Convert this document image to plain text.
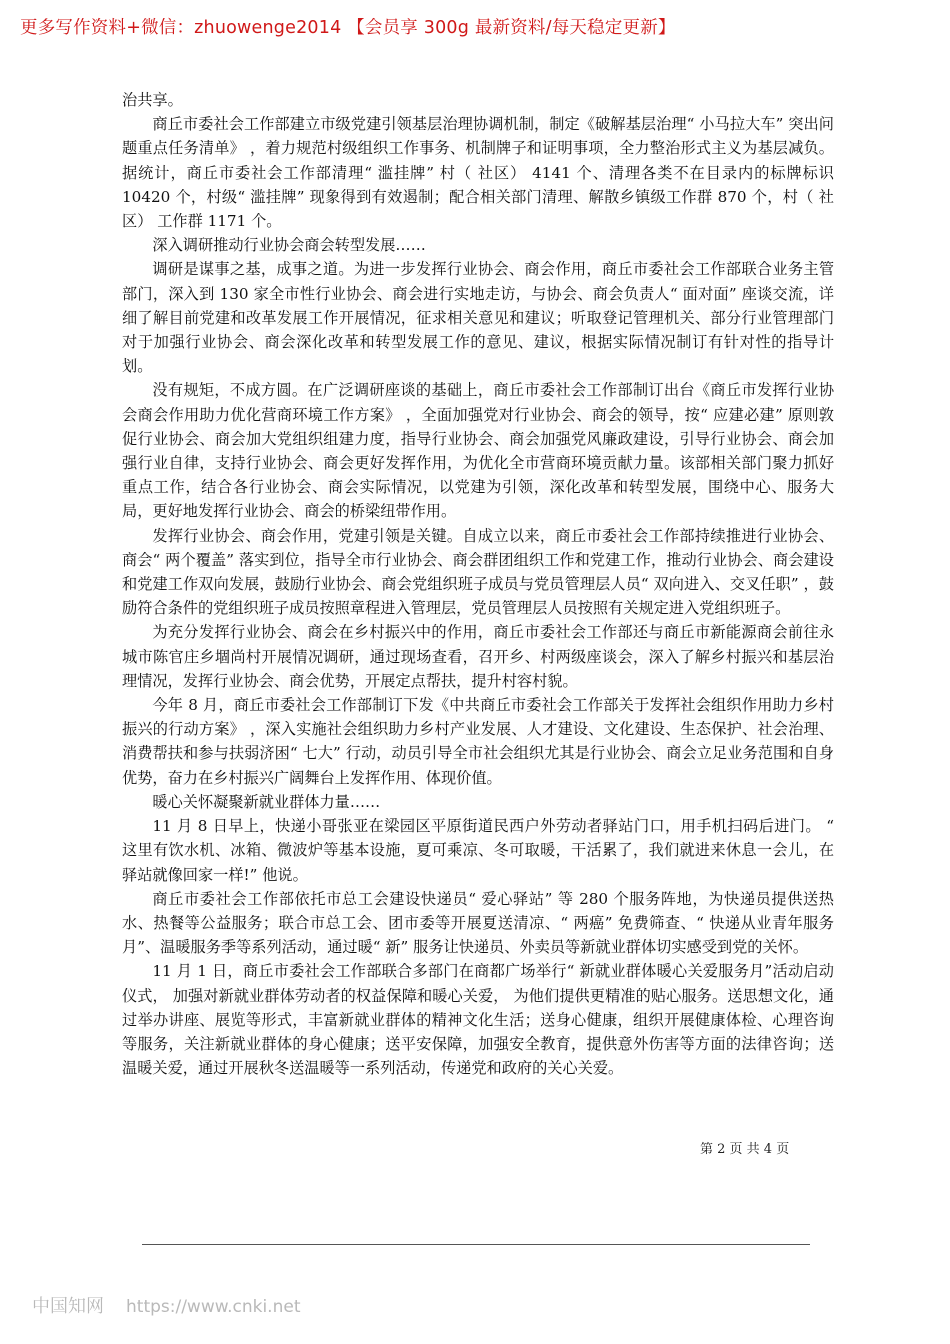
更多写作资料+微信：zhuowenge2014 【会员享 300g 最新资料/每天稳定更新】

治共享。

商丘市委社会工作部建立市级党建引领基层治理协调机制，制定《破解基层治理“ 小马拉大车” 突出问题重点任务清单》 ，着力规范村级组织工作事务、机制牌子和证明事项，全力整治形式主义为基层减负。据统计，商丘市委社会工作部清理“ 滥挂牌” 村（ 社区） 4141 个、清理各类不在目录内的标牌标识 10420 个，村级“ 滥挂牌” 现象得到有效遏制；配合相关部门清理、解散乡镇级工作群 870 个，村（ 社区） 工作群 1171 个。

深入调研推动行业协会商会转型发展……

调研是谋事之基，成事之道。为进一步发挥行业协会、商会作用，商丘市委社会工作部联合业务主管部门，深入到 130 家全市性行业协会、商会进行实地走访，与协会、商会负责人“ 面对面” 座谈交流，详细了解目前党建和改革发展工作开展情况，征求相关意见和建议；听取登记管理机关、部分行业管理部门对于加强行业协会、商会深化改革和转型发展工作的意见、建议，根据实际情况制订有针对性的指导计划。

没有规矩，不成方圆。在广泛调研座谈的基础上，商丘市委社会工作部制订出台《商丘市发挥行业协会商会作用助力优化营商环境工作方案》 ，全面加强党对行业协会、商会的领导，按“ 应建必建” 原则敦促行业协会、商会加大党组织组建力度，指导行业协会、商会加强党风廉政建设，引导行业协会、商会加强行业自律，支持行业协会、商会更好发挥作用，为优化全市营商环境贡献力量。该部相关部门聚力抓好重点工作，结合各行业协会、商会实际情况，以党建为引领，深化改革和转型发展，围绕中心、服务大局，更好地发挥行业协会、商会的桥梁纽带作用。

发挥行业协会、商会作用，党建引领是关键。自成立以来，商丘市委社会工作部持续推进行业协会、商会“ 两个覆盖” 落实到位，指导全市行业协会、商会群团组织工作和党建工作，推动行业协会、商会建设和党建工作双向发展，鼓励行业协会、商会党组织班子成员与党员管理层人员“ 双向进入、交叉任职” ，鼓励符合条件的党组织班子成员按照章程进入管理层，党员管理层人员按照有关规定进入党组织班子。

为充分发挥行业协会、商会在乡村振兴中的作用，商丘市委社会工作部还与商丘市新能源商会前往永城市陈官庄乡堌尚村开展情况调研，通过现场查看，召开乡、村两级座谈会，深入了解乡村振兴和基层治理情况，发挥行业协会、商会优势，开展定点帮扶，提升村容村貌。

今年 8 月，商丘市委社会工作部制订下发《中共商丘市委社会工作部关于发挥社会组织作用助力乡村振兴的行动方案》 ，深入实施社会组织助力乡村产业发展、人才建设、文化建设、生态保护、社会治理、消费帮扶和参与扶弱济困“ 七大” 行动，动员引导全市社会组织尤其是行业协会、商会立足业务范围和自身优势，奋力在乡村振兴广阔舞台上发挥作用、体现价值。

暖心关怀凝聚新就业群体力量……

11 月 8 日早上，快递小哥张亚在梁园区平原街道民西户外劳动者驿站门口，用手机扫码后进门。 “ 这里有饮水机、冰箱、微波炉等基本设施，夏可乘凉、冬可取暖，干活累了，我们就进来休息一会儿，在驿站就像回家一样!” 他说。

商丘市委社会工作部依托市总工会建设快递员“ 爱心驿站” 等 280 个服务阵地，为快递员提供送热水、热餐等公益服务；联合市总工会、团市委等开展夏送清凉、“ 两癌” 免费筛查、“ 快递从业青年服务月”、温暖服务季等系列活动，通过暖“ 新” 服务让快递员、外卖员等新就业群体切实感受到党的关怀。

11 月 1 日，商丘市委社会工作部联合多部门在商都广场举行“ 新就业群体暖心关爱服务月”活动启动仪式， 加强对新就业群体劳动者的权益保障和暖心关爱， 为他们提供更精准的贴心服务。送思想文化，通过举办讲座、展览等形式，丰富新就业群体的精神文化生活；送身心健康，组织开展健康体检、心理咨询等服务，关注新就业群体的身心健康；送平安保障，加强安全教育，提供意外伤害等方面的法律咨询；送温暖关爱，通过开展秋冬送温暖等一系列活动，传递党和政府的关心关爱。

第 2 页 共 4 页
中国知网 https://www.cnki.net
